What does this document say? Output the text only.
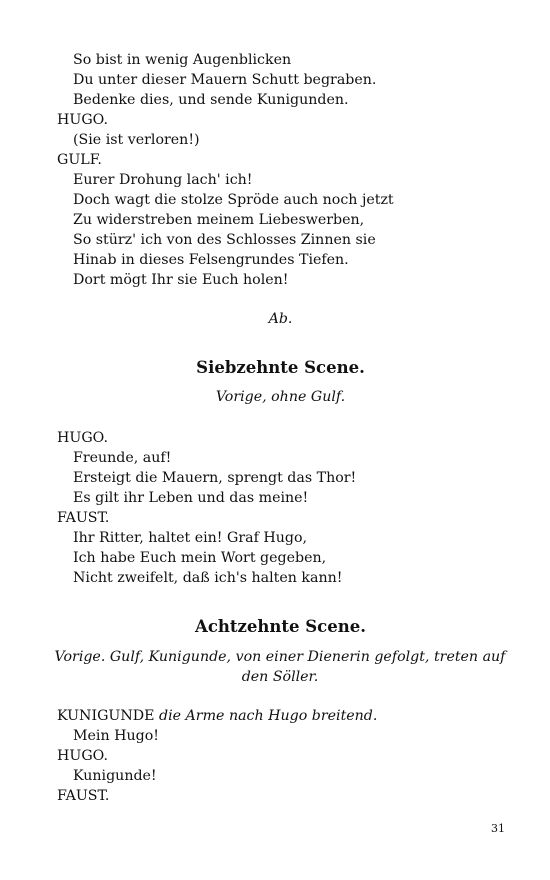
So bist in wenig Augenblicken
Du unter dieser Mauern Schutt begraben.
Bedenke dies, und sende Kunigunden.
HUGO.
(Sie ist verloren!)
GULF.
Eurer Drohung lach' ich!
Doch wagt die stolze Spröde auch noch jetzt
Zu widerstreben meinem Liebeswerben,
So stürz' ich von des Schlosses Zinnen sie
Hinab in dieses Felsengrundes Tiefen.
Dort mögt Ihr sie Euch holen!
Ab.
Siebzehnte Scene.
Vorige, ohne Gulf.
HUGO.
Freunde, auf!
Ersteigt die Mauern, sprengt das Thor!
Es gilt ihr Leben und das meine!
FAUST.
Ihr Ritter, haltet ein! Graf Hugo,
Ich habe Euch mein Wort gegeben,
Nicht zweifelt, daß ich's halten kann!
Achtzehnte Scene.
Vorige. Gulf, Kunigunde, von einer Dienerin gefolgt, treten auf den Söller.
KUNIGUNDE die Arme nach Hugo breitend.
Mein Hugo!
HUGO.
Kunigunde!
FAUST.
31
